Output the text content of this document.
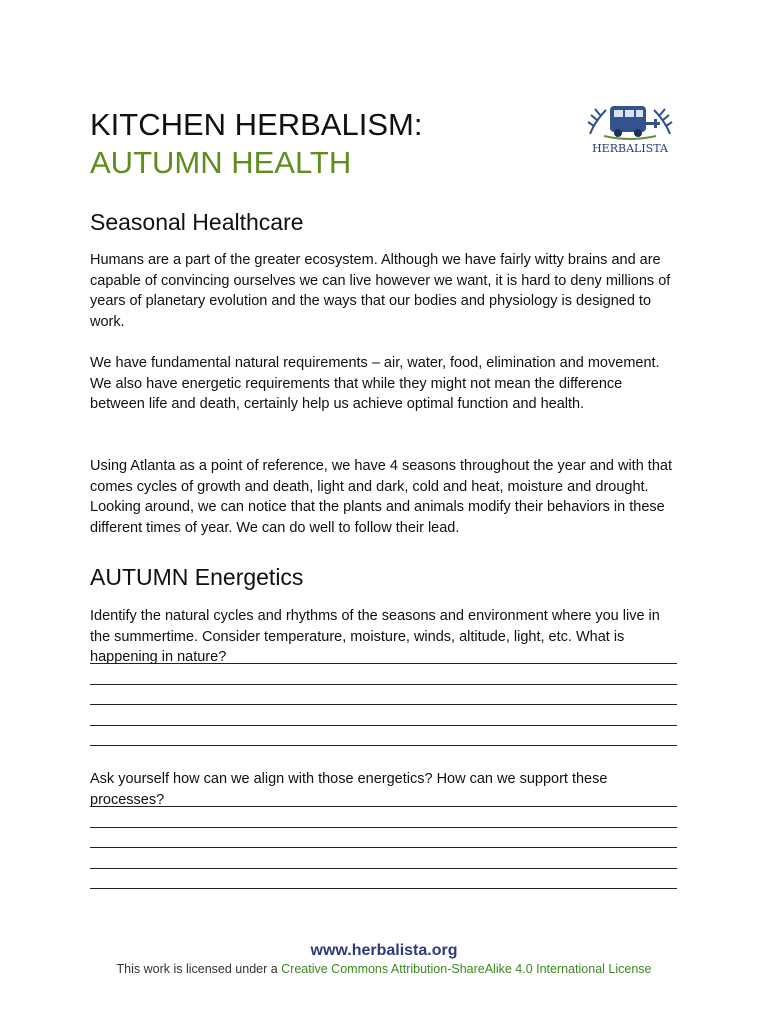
KITCHEN HERBALISM:
AUTUMN HEALTH	HERBALISTA
Seasonal Healthcare
Humans are a part of the greater ecosystem. Although we have fairly witty brains and are capable of convincing ourselves we can live however we want, it is hard to deny millions of years of planetary evolution and the ways that our bodies and physiology is designed to work.
We have fundamental natural requirements – air, water, food, elimination and movement. We also have energetic requirements that while they might not mean the difference between life and death, certainly help us achieve optimal function and health.
Using Atlanta as a point of reference, we have 4 seasons throughout the year and with that comes cycles of growth and death, light and dark, cold and heat, moisture and drought. Looking around, we can notice that the plants and animals modify their behaviors in these different times of year. We can do well to follow their lead.
AUTUMN Energetics
Identify the natural cycles and rhythms of the seasons and environment where you live in the summertime. Consider temperature, moisture, winds, altitude, light, etc. What is happening in nature?
Ask yourself how can we align with those energetics? How can we support these processes?
www.herbalista.org
This work is licensed under a Creative Commons Attribution-ShareAlike 4.0 International License
